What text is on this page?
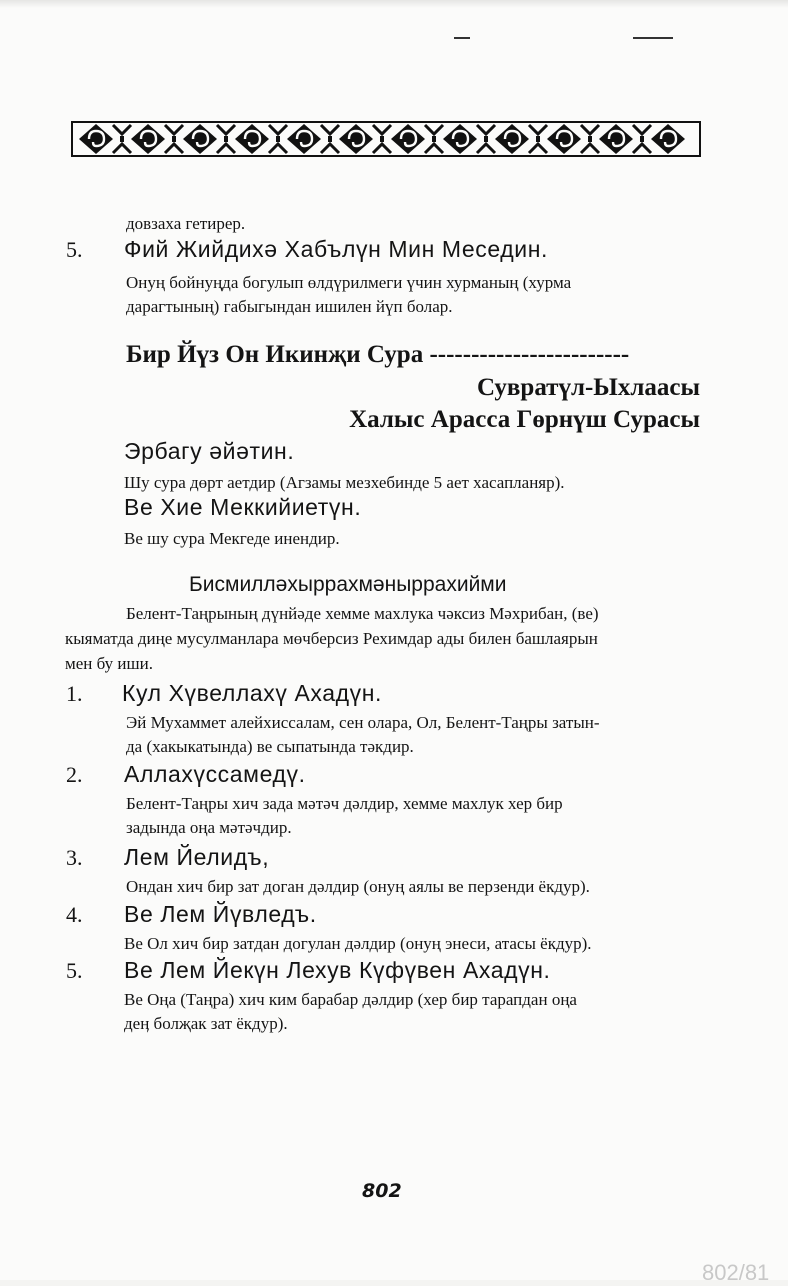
довзаха гетирер.
5. Фий Жийдихә Хабълүн Мин Меседин.
Онуң бойнуңда богулып өлдүрилмеги үчин хурманың (хурма
дарагтының) габыгындан ишилен йүп болар.
Бир Йүз Он Икинҗи Сура ------------------------
Сувратүл-Ыхлаасы
Халыс Арасса Гөрнүш Сурасы
Эрбагу әйәтин.
Шу сура дөрт аетдир (Агзамы мезхебинде 5 ает хасапланяр).
Ве Хие Меккийиетүн.
Ве шу сура Мекгеде инендир.
Бисмилләхыррахмәныррахийми
Белент-Таңрының дүнйәде хемме махлука чәксиз Мәхрибан, (ве)
кыяматда диңе мусулманлара мөчберсиз Рехимдар ады билен башлаярын
мен бу иши.
1. Кул Хүвеллахү Ахадүн.
Эй Мухаммет алейхиссалам, сен олара, Ол, Белент-Таңры затын-
да (хакыкатында) ве сыпатында тәкдир.
2. Аллахүссамедү.
Белент-Таңры хич зада мәтәч дәлдир, хемме махлук хер бир
задында оңа мәтәчдир.
3. Лем Йелидъ,
Ондан хич бир зат доган дәлдир (онуң аялы ве перзенди ёкдур).
4. Ве Лем Йүвледъ.
Ве Ол хич бир затдан догулан дәлдир (онуң энеси, атасы ёкдур).
5. Ве Лем Йекүн Лехув Күфүвен Ахадүн.
Ве Оңа (Таңра) хич ким барабар дәлдир (хер бир тарапдан оңа
деӊ болҗак зат ёкдур).
802
802/81
